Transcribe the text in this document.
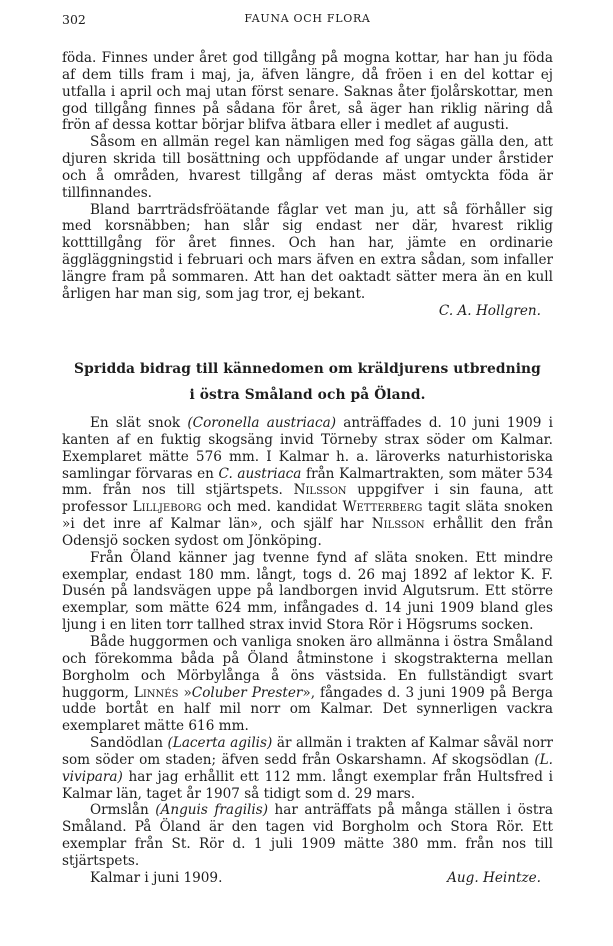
302	FAUNA OCH FLORA

föda. Finnes under året god tillgång på mogna kottar, har han ju föda af dem tills fram i maj, ja, äfven längre, då fröen i en del kottar ej utfalla i april och maj utan först senare. Saknas åter fjolårskottar, men god tillgång finnes på sådana för året, så äger han riklig näring då frön af dessa kottar börjar blifva ätbara eller i medlet af augusti.

Såsom en allmän regel kan nämligen med fog sägas gälla den, att djuren skrida till bosättning och uppfödande af ungar under årstider och å områden, hvarest tillgång af deras mäst omtyckta föda är tillfinnandes.

Bland barrträdsfröätande fåglar vet man ju, att så förhåller sig med korsnäbben; han slår sig endast ner där, hvarest riklig kotttillgång för året finnes. Och han har, jämte en ordinarie äggläggningstid i februari och mars äfven en extra sådan, som infaller längre fram på sommaren. Att han det oaktadt sätter mera än en kull årligen har man sig, som jag tror, ej bekant.

C. A. Hollgren.

Spridda bidrag till kännedomen om kräldjurens utbredning
i östra Småland och på Öland.

En slät snok (Coronella austriaca) anträffades d. 10 juni 1909 i kanten af en fuktig skogsäng invid Törneby strax söder om Kalmar. Exemplaret mätte 576 mm. I Kalmar h. a. läroverks naturhistoriska samlingar förvaras en C. austriaca från Kalmartrakten, som mäter 534 mm. från nos till stjärtspets. Nilsson uppgifver i sin fauna, att professor Lilljeborg och med. kandidat Wetterberg tagit släta snoken »i det inre af Kalmar län», och själf har Nilsson erhållit den från Odensjö socken sydost om Jönköping.

Från Öland känner jag tvenne fynd af släta snoken. Ett mindre exemplar, endast 180 mm. långt, togs d. 26 maj 1892 af lektor K. F. Dusén på landsvägen uppe på landborgen invid Algutsrum. Ett större exemplar, som mätte 624 mm, infångades d. 14 juni 1909 bland gles ljung i en liten torr tallhed strax invid Stora Rör i Högsrums socken.

Både huggormen och vanliga snoken äro allmänna i östra Småland och förekomma båda på Öland åtminstone i skogstrakterna mellan Borgholm och Mörbylånga å öns västsida. En fullständigt svart huggorm, Linnés »Coluber Prester», fångades d. 3 juni 1909 på Berga udde bortåt en half mil norr om Kalmar. Det synnerligen vackra exemplaret mätte 616 mm.

Sandödlan (Lacerta agilis) är allmän i trakten af Kalmar såväl norr som söder om staden; äfven sedd från Oskarshamn. Af skogsödlan (L. vivipara) har jag erhållit ett 112 mm. långt exemplar från Hultsfred i Kalmar län, taget år 1907 så tidigt som d. 29 mars.

Ormslån (Anguis fragilis) har anträffats på många ställen i östra Småland. På Öland är den tagen vid Borgholm och Stora Rör. Ett exemplar från St. Rör d. 1 juli 1909 mätte 380 mm. från nos till stjärtspets.

Kalmar i juni 1909.	Aug. Heintze.
